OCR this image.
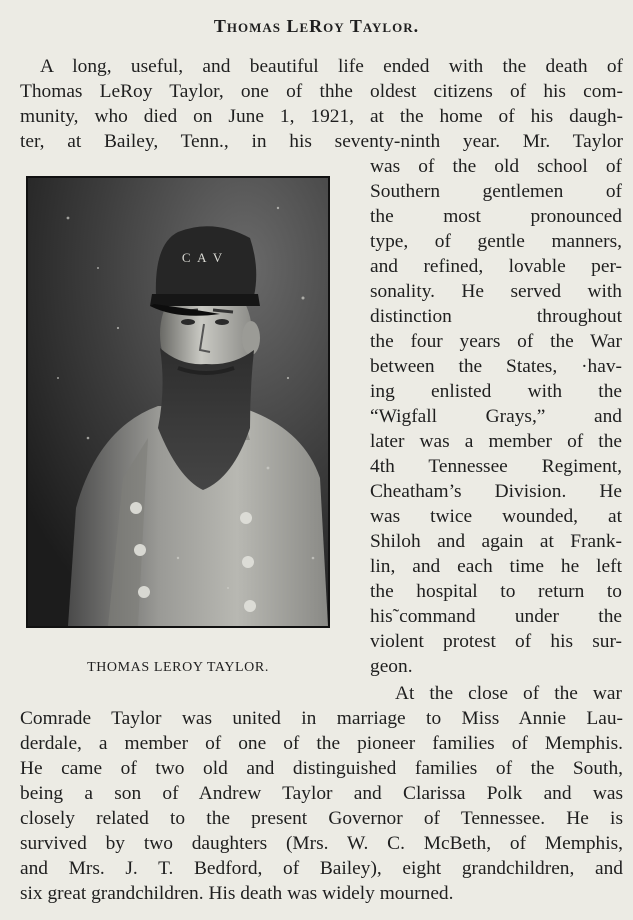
Thomas LeRoy Taylor.

A long, useful, and beautiful life ended with the death of

Thomas LeRoy Taylor, one of thhe oldest citizens of his com-

munity, who died on June 1, 1921, at the home of his daugh-

ter, at Bailey, Tenn., in his seventy-ninth year. Mr. Taylor

was of the old school of

Southern gentlemen of

the most pronounced

type, of gentle manners,

and refined, lovable per-

sonality. He served with

distinction throughout

the four years of the War

between the States, ·hav-

ing enlisted with the

“Wigfall Grays,” and

later was a member of the

4th Tennessee Regiment,

Cheatham’s Division. He

was twice wounded, at

Shiloh and again at Frank-

lin, and each time he left

the hospital to return to

his˜command under the

violent protest of his sur-

geon.

At the close of the war

Comrade Taylor was united in marriage to Miss Annie Lau-

derdale, a member of one of the pioneer families of Memphis.

He came of two old and distinguished families of the South,

being a son of Andrew Taylor and Clarissa Polk and was

closely related to the present Governor of Tennessee. He is

survived by two daughters (Mrs. W. C. McBeth, of Memphis,

and Mrs. J. T. Bedford, of Bailey), eight grandchildren, and

six great grandchildren. His death was widely mourned.

C A V

THOMAS LEROY TAYLOR.
